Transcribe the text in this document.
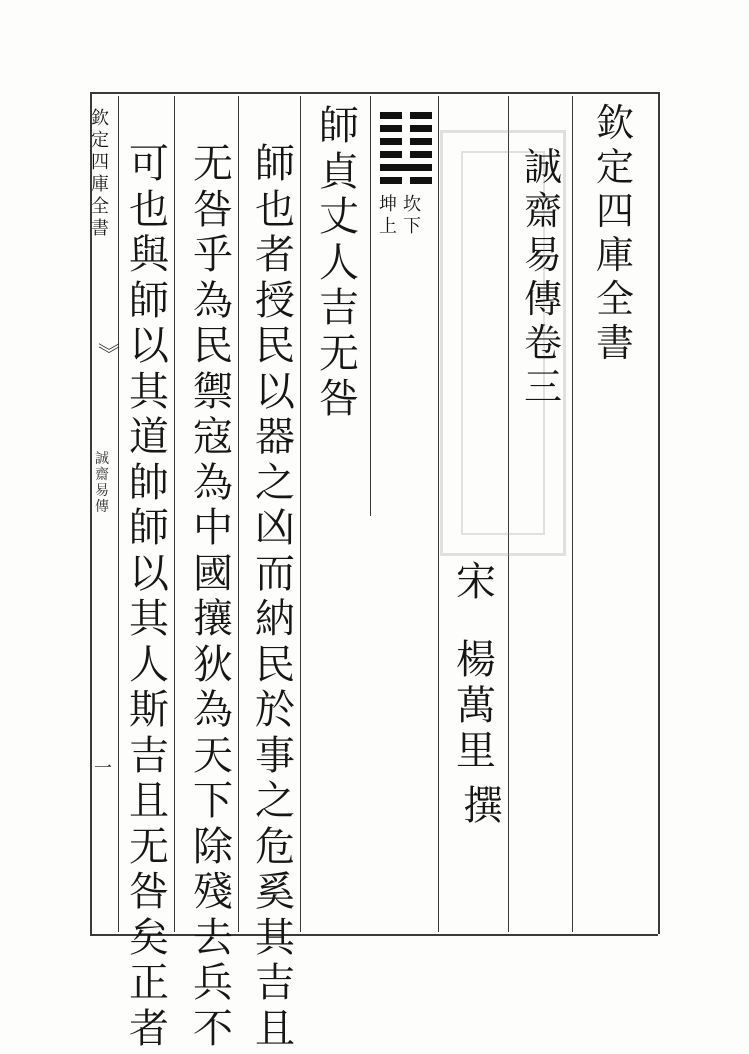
欽
定
四
庫
全
書
誠
齋
易
傳
卷
三
宋
楊
萬
里
撰
坎
下
坤
上
師
貞
丈
人
吉
无
咎
師
也
者
授
民
以
器
之
凶
而
納
民
於
事
之
危
奚
其
吉
且
无
咎
乎
為
民
禦
寇
為
中
國
攘
狄
為
天
下
除
殘
去
兵
不
可
也
與
師
以
其
道
帥
師
以
其
人
斯
吉
且
无
咎
矣
正
者
欽
定
四
庫
全
書
︾
誠
齋
易
傳
一
